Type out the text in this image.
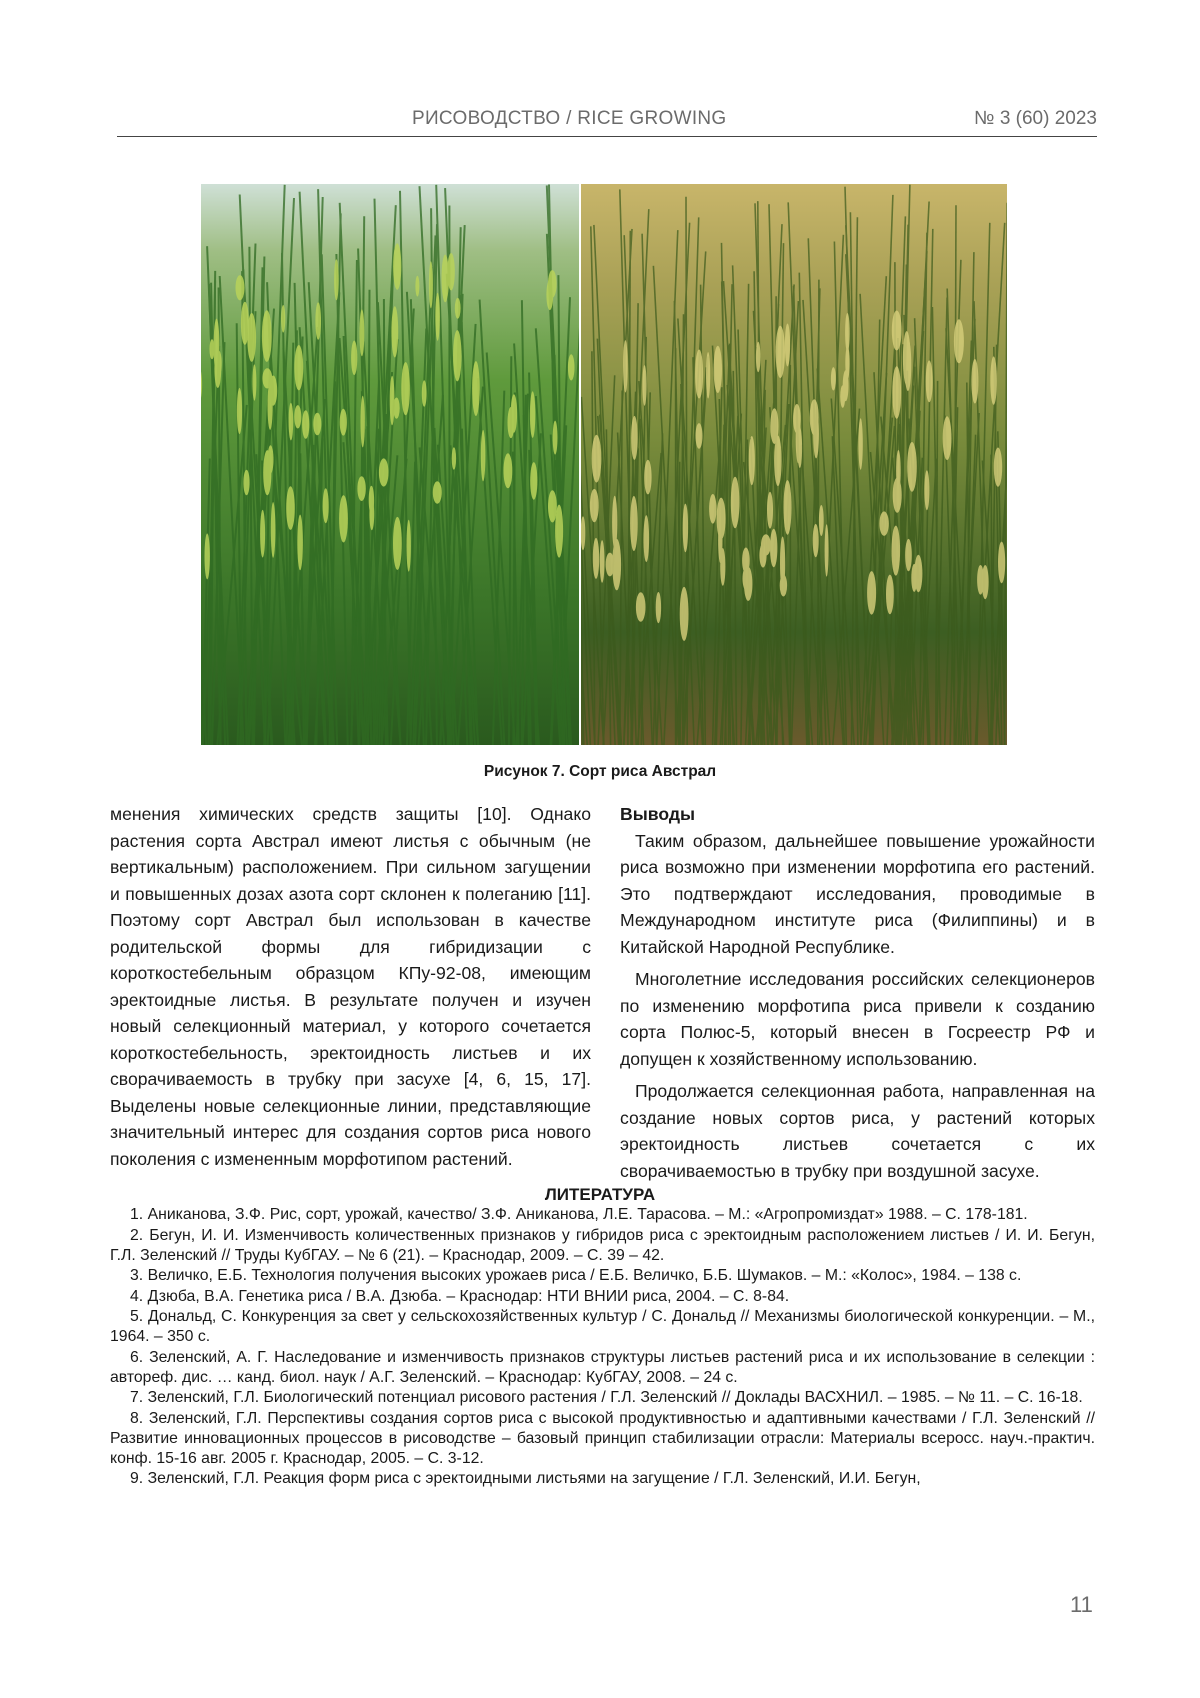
РИСОВОДСТВО / RICE GROWING	№ 3 (60) 2023
Рисунок 7. Сорт риса Австрал

менения химических средств защиты [10]. Однако растения сорта Австрал имеют листья с обычным (не вертикальным) расположением. При сильном загущении и повышенных дозах азота сорт склонен к полеганию [11]. Поэтому сорт Австрал был использован в качестве родительской формы для гибридизации с короткостебельным образцом КПу-92-08, имеющим эректоидные листья. В результате получен и изучен новый селекционный материал, у которого сочетается короткостебельность, эректоидность листьев и их сворачиваемость в трубку при засухе [4, 6, 15, 17]. Выделены новые селекционные линии, представляющие значительный интерес для создания сортов риса нового поколения с измененным морфотипом растений.

Выводы

Таким образом, дальнейшее повышение урожайности риса возможно при изменении морфотипа его растений. Это подтверждают исследования, проводимые в Международном институте риса (Филиппины) и в Китайской Народной Республике.

Многолетние исследования российских селекционеров по изменению морфотипа риса привели к созданию сорта Полюс-5, который внесен в Госреестр РФ и допущен к хозяйственному использованию.

Продолжается селекционная работа, направленная на создание новых сортов риса, у растений которых эректоидность листьев сочетается с их сворачиваемостью в трубку при воздушной засухе.

ЛИТЕРАТУРА

1. Аниканова, З.Ф. Рис, сорт, урожай, качество/ З.Ф. Аниканова, Л.Е. Тарасова. – М.: «Агропромиздат» 1988. – С. 178-181.

2. Бегун, И. И. Изменчивость количественных признаков у гибридов риса с эректоидным расположением листьев / И. И. Бегун, Г.Л. Зеленский // Труды КубГАУ. – № 6 (21). – Краснодар, 2009. – С. 39 – 42.

3. Величко, Е.Б. Технология получения высоких урожаев риса / Е.Б. Величко, Б.Б. Шумаков. – М.: «Колос», 1984. – 138 с.

4. Дзюба, В.А. Генетика риса / В.А. Дзюба. – Краснодар: НТИ ВНИИ риса, 2004. – С. 8-84.

5. Дональд, С. Конкуренция за свет у сельскохозяйственных культур / С. Дональд // Механизмы биологической конкуренции. – М., 1964. – 350 с.

6. Зеленский, А. Г. Наследование и изменчивость признаков структуры листьев растений риса и их использование в селекции : автореф. дис. … канд. биол. наук / А.Г. Зеленский. – Краснодар: КубГАУ, 2008. – 24 с.

7. Зеленский, Г.Л. Биологический потенциал рисового растения / Г.Л. Зеленский // Доклады ВАСХНИЛ. – 1985. – № 11. – С. 16-18.

8. Зеленский, Г.Л. Перспективы создания сортов риса с высокой продуктивностью и адаптивными качествами / Г.Л. Зеленский // Развитие инновационных процессов в рисоводстве – базовый принцип стабилизации отрасли: Материалы всеросс. науч.-практич. конф. 15-16 авг. 2005 г. Краснодар, 2005. – С. 3-12.

9. Зеленский, Г.Л. Реакция форм риса с эректоидными листьями на загущение / Г.Л. Зеленский, И.И. Бегун,

11
